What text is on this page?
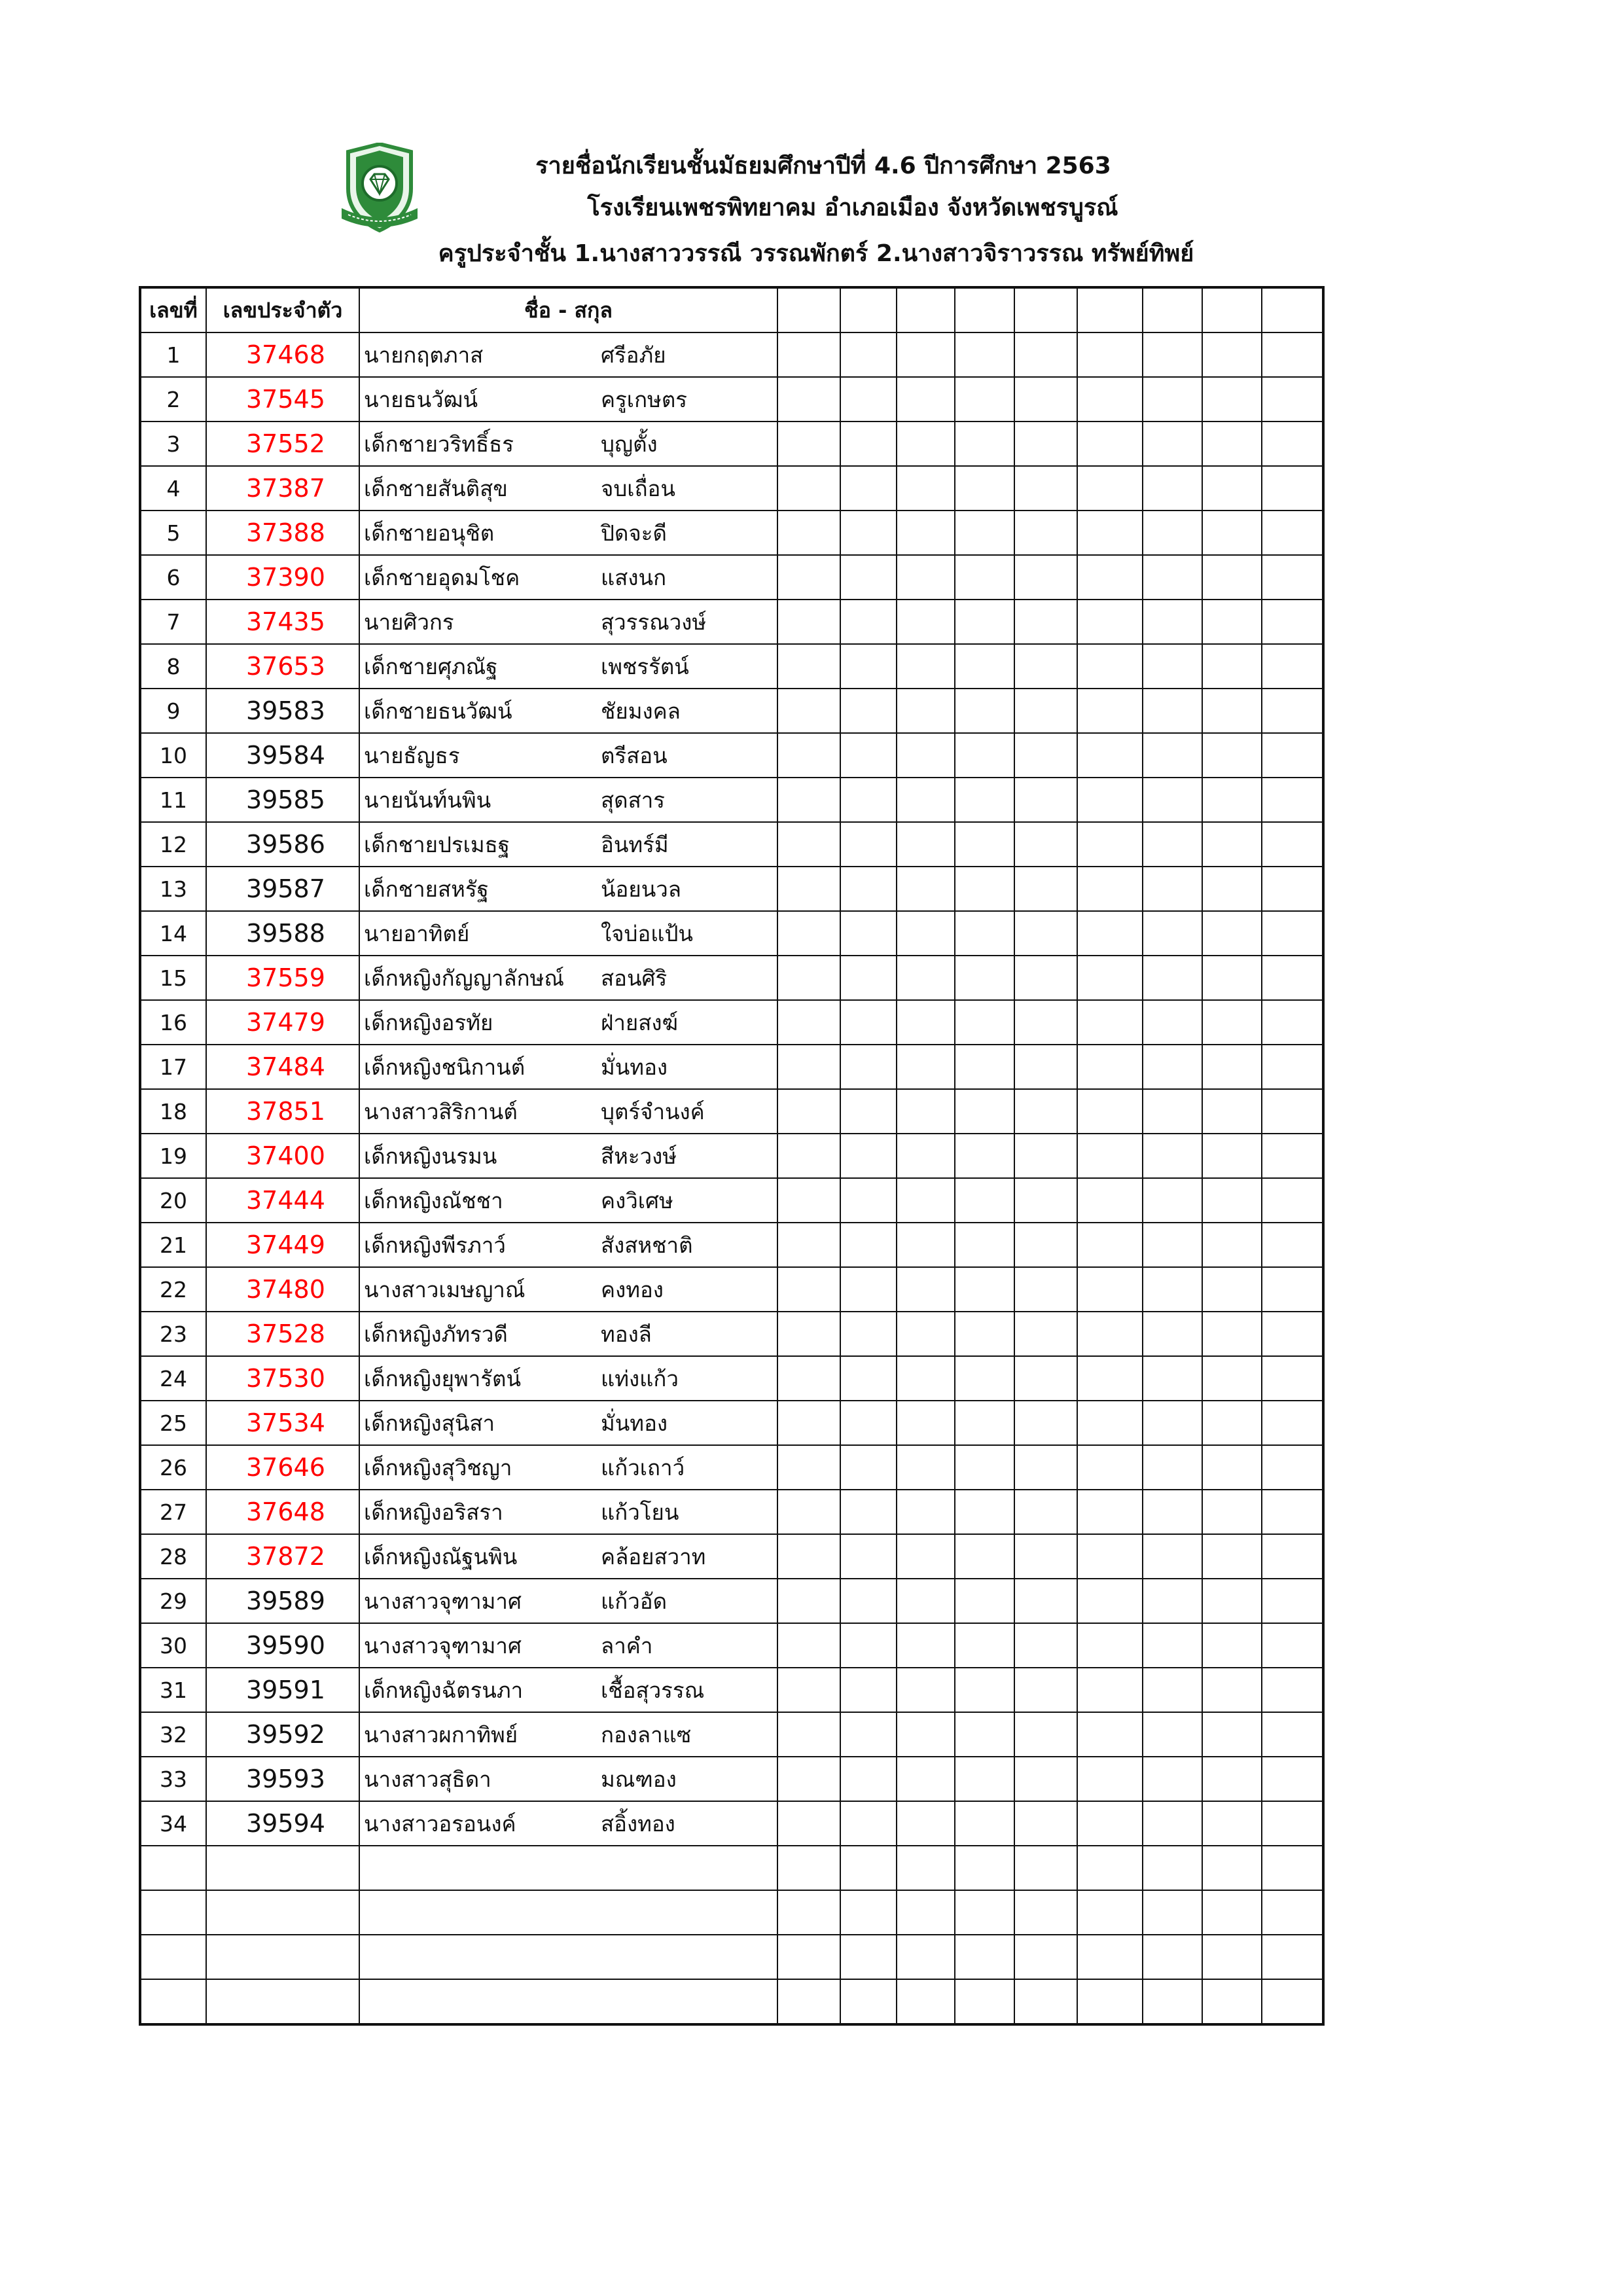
รายชื่อนักเรียนชั้นมัธยมศึกษาปีที่ 4.6 ปีการศึกษา 2563
โรงเรียนเพชรพิทยาคม อำเภอเมือง จังหวัดเพชรบูรณ์
ครูประจำชั้น 1.นางสาววรรณี วรรณพักตร์ 2.นางสาวจิราวรรณ ทรัพย์ทิพย์
เลขที่	เลขประจำตัว	ชื่อ - สกุล									
1	37468	นายกฤตภาส ศรีอภัย									
2	37545	นายธนวัฒน์ ครูเกษตร									
3	37552	เด็กชายวริทธิ์ธร บุญตั้ง									
4	37387	เด็กชายสันติสุข จบเถื่อน									
5	37388	เด็กชายอนุชิต ปิดจะดี									
6	37390	เด็กชายอุดมโชค แสงนก									
7	37435	นายศิวกร สุวรรณวงษ์									
8	37653	เด็กชายศุภณัฐ เพชรรัตน์									
9	39583	เด็กชายธนวัฒน์ ชัยมงคล									
10	39584	นายธัญธร ตรีสอน									
11	39585	นายนันท์นพิน สุดสาร									
12	39586	เด็กชายปรเมธฐ อินทร์มี									
13	39587	เด็กชายสหรัฐ น้อยนวล									
14	39588	นายอาทิตย์ ใจบ่อแป้น									
15	37559	เด็กหญิงกัญญาลักษณ์ สอนศิริ									
16	37479	เด็กหญิงอรทัย ฝ่ายสงฆ์									
17	37484	เด็กหญิงชนิกานต์ มั่นทอง									
18	37851	นางสาวสิริกานต์ บุตร์จำนงค์									
19	37400	เด็กหญิงนรมน สีหะวงษ์									
20	37444	เด็กหญิงณัชชา คงวิเศษ									
21	37449	เด็กหญิงพีรภาว์ สังสหชาติ									
22	37480	นางสาวเมษญาณ์ คงทอง									
23	37528	เด็กหญิงภัทรวดี ทองลี									
24	37530	เด็กหญิงยุพารัตน์ แท่งแก้ว									
25	37534	เด็กหญิงสุนิสา มั่นทอง									
26	37646	เด็กหญิงสุวิชญา แก้วเถาว์									
27	37648	เด็กหญิงอริสรา แก้วโยน									
28	37872	เด็กหญิงณัฐนพิน คล้อยสวาท									
29	39589	นางสาวจุฑามาศ แก้วอัด									
30	39590	นางสาวจุฑามาศ ลาคำ									
31	39591	เด็กหญิงฉัตรนภา เชื้อสุวรรณ									
32	39592	นางสาวผกาทิพย์ กองลาแซ									
33	39593	นางสาวสุธิดา มณฑอง									
34	39594	นางสาวอรอนงค์ สอิ้งทอง									
